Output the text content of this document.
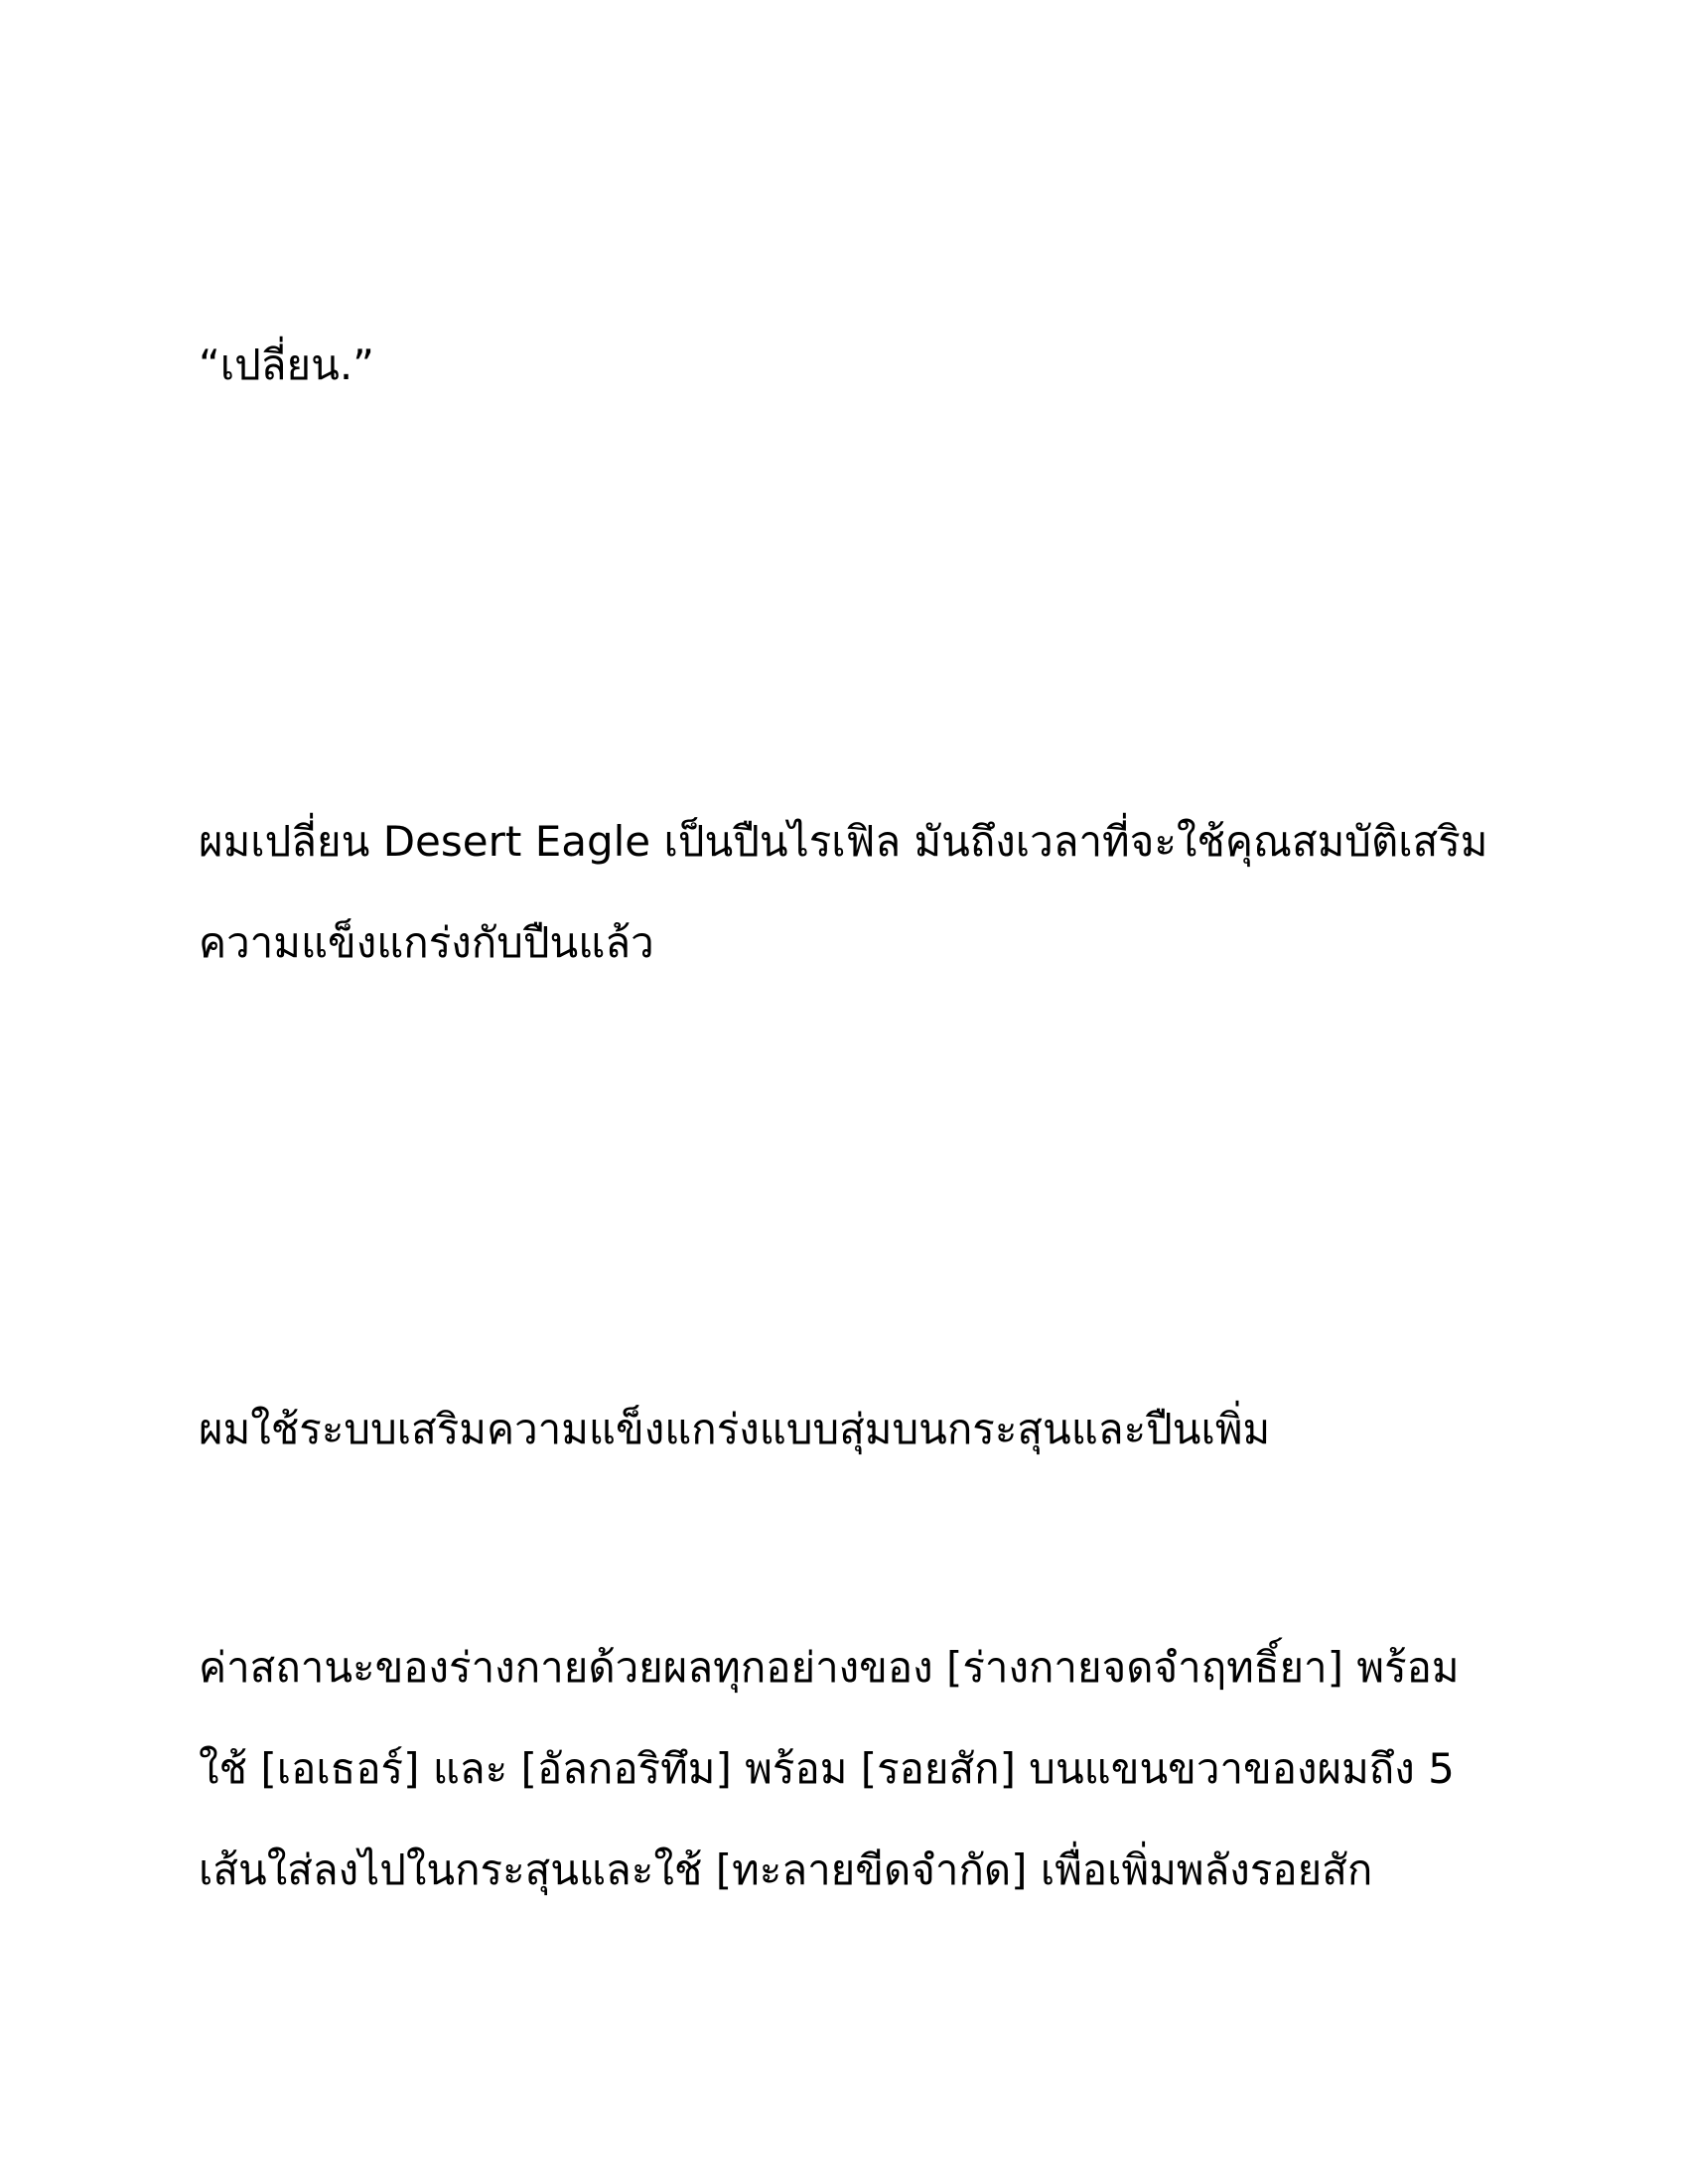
“เปลี่ยน.”
ผมเปลี่ยน Desert Eagle เป็นปืนไรเฟิล มันถึงเวลาที่จะใช้คุณสมบัติเสริม
ความแข็งแกร่งกับปืนแล้ว
ผมใช้ระบบเสริมความแข็งแกร่งแบบสุ่มบนกระสุนและปืนเพิ่ม
ค่าสถานะของร่างกายด้วยผลทุกอย่างของ [ร่างกายจดจำฤทธิ์ยา] พร้อม
ใช้ [เอเธอร์] และ [อัลกอริทึม] พร้อม [รอยสัก] บนแขนขวาของผมถึง 5
เส้นใส่ลงไปในกระสุนและใช้ [ทะลายขีดจำกัด] เพื่อเพิ่มพลังรอยสัก
